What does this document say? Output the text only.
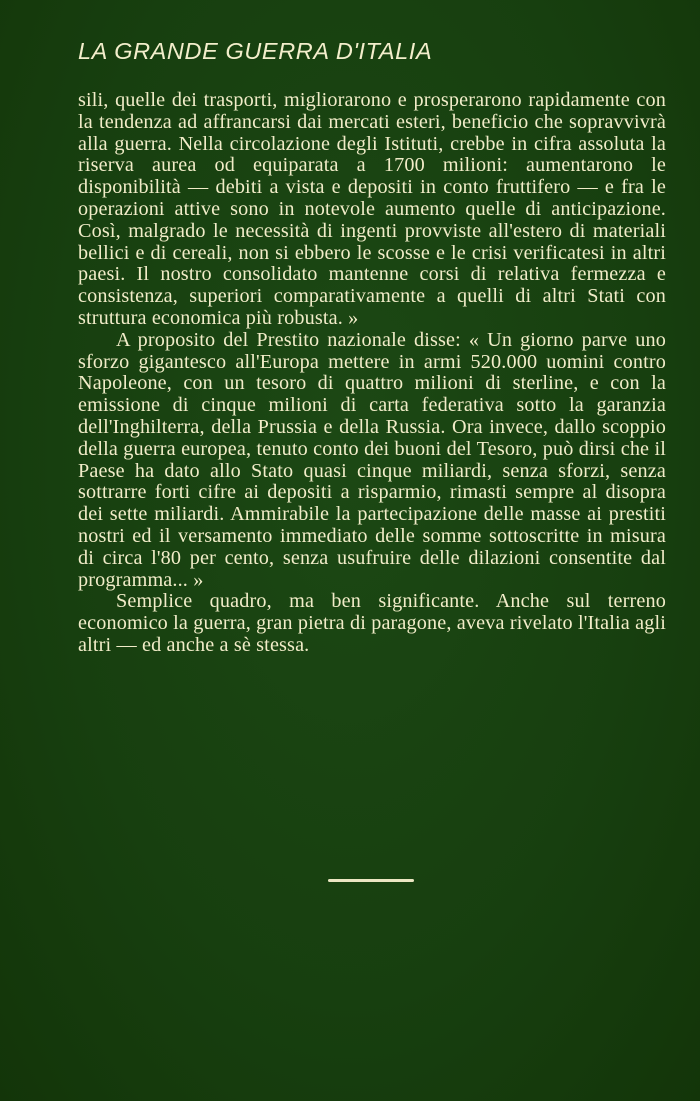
LA GRANDE GUERRA D'ITALIA

sili, quelle dei trasporti, migliorarono e prosperarono rapidamente con la tendenza ad affrancarsi dai mercati esteri, beneficio che sopravvivrà alla guerra. Nella circolazione degli Istituti, crebbe in cifra assoluta la riserva aurea od equiparata a 1700 milioni: aumentarono le disponibilità — debiti a vista e depositi in conto fruttifero — e fra le operazioni attive sono in notevole aumento quelle di anticipazione. Così, malgrado le necessità di ingenti provviste all'estero di materiali bellici e di cereali, non si ebbero le scosse e le crisi verificatesi in altri paesi. Il nostro consolidato mantenne corsi di relativa fermezza e consistenza, superiori comparativamente a quelli di altri Stati con struttura economica più robusta. »

A proposito del Prestito nazionale disse: « Un giorno parve uno sforzo gigantesco all'Europa mettere in armi 520.000 uomini contro Napoleone, con un tesoro di quattro milioni di sterline, e con la emissione di cinque milioni di carta federativa sotto la garanzia dell'Inghilterra, della Prussia e della Russia. Ora invece, dallo scoppio della guerra europea, tenuto conto dei buoni del Tesoro, può dirsi che il Paese ha dato allo Stato quasi cinque miliardi, senza sforzi, senza sottrarre forti cifre ai depositi a risparmio, rimasti sempre al disopra dei sette miliardi. Ammirabile la partecipazione delle masse ai prestiti nostri ed il versamento immediato delle somme sottoscritte in misura di circa l'80 per cento, senza usufruire delle dilazioni consentite dal programma... »

Semplice quadro, ma ben significante. Anche sul terreno economico la guerra, gran pietra di paragone, aveva rivelato l'Italia agli altri — ed anche a sè stessa.
